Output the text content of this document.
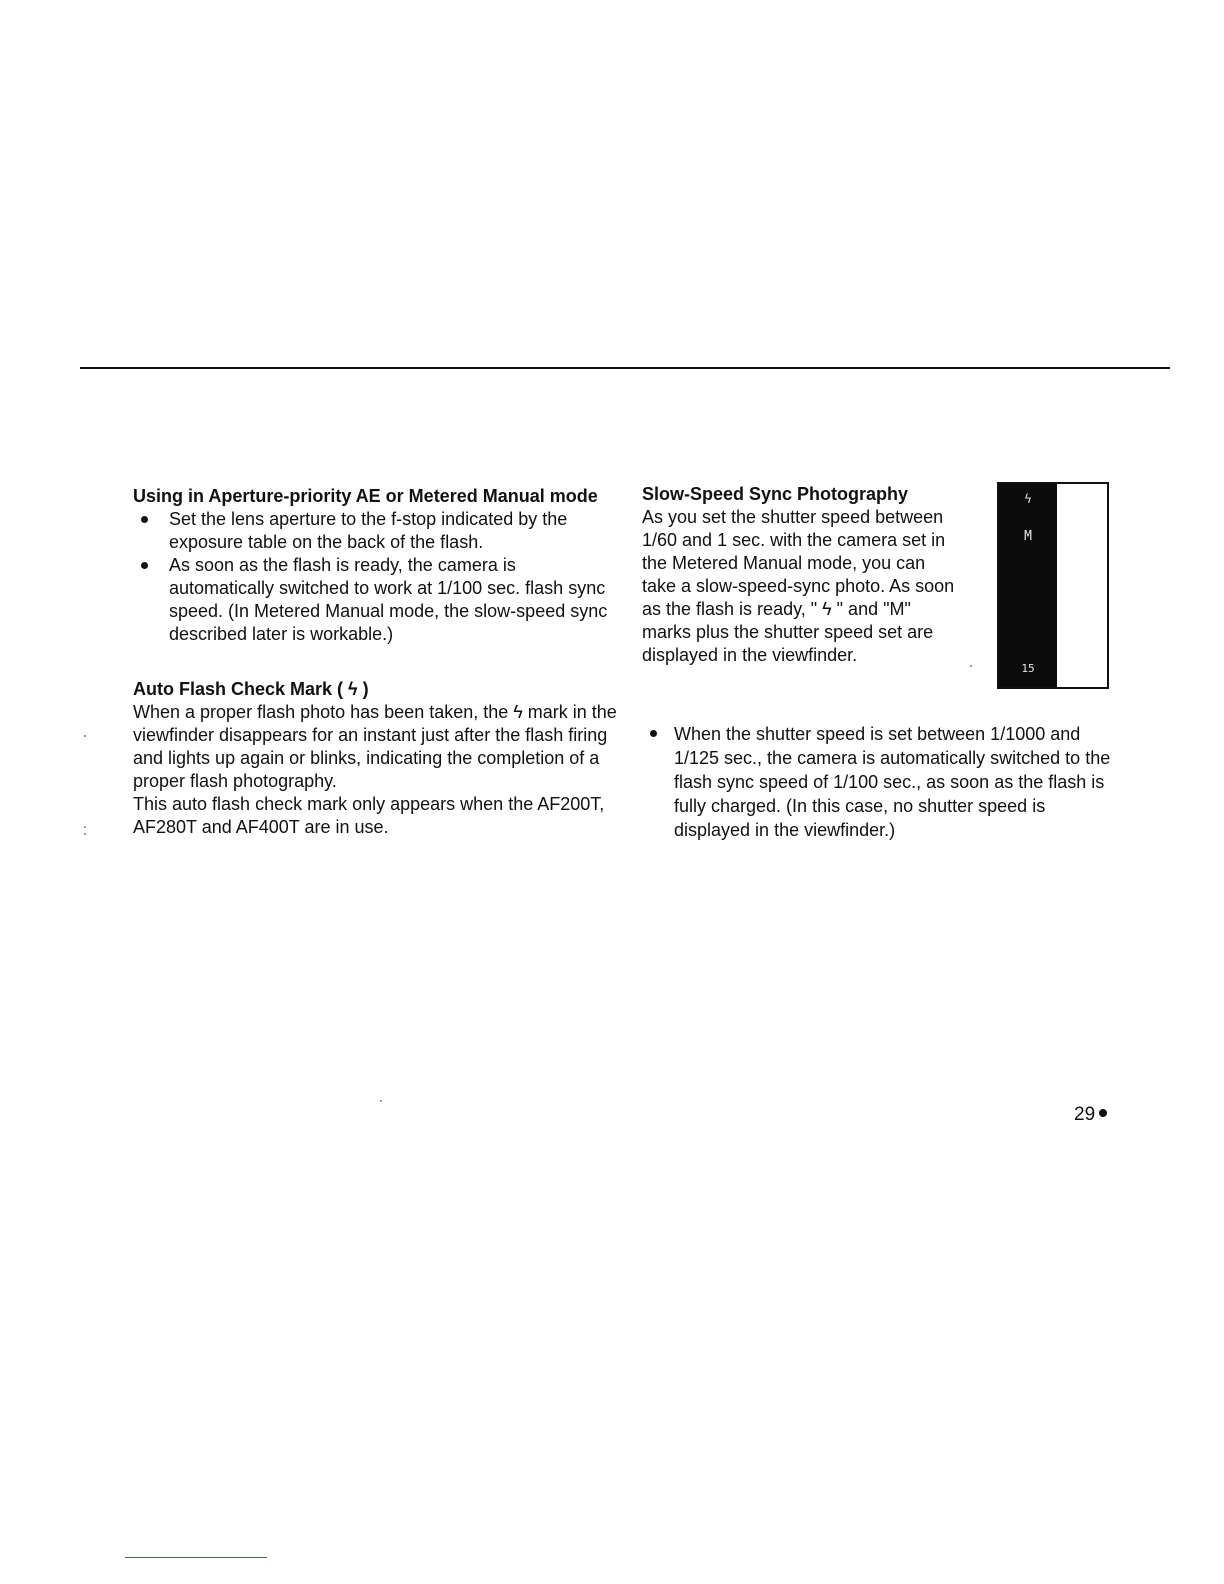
Using in Aperture-priority AE or Metered Manual mode

Set the lens aperture to the f-stop indicated by the exposure table on the back of the flash.
As soon as the flash is ready, the camera is automatically switched to work at 1/100 sec. flash sync speed. (In Metered Manual mode, the slow-speed sync described later is workable.)

Auto Flash Check Mark ( ϟ )

When a proper flash photo has been taken, the ϟ mark in the viewfinder disappears for an instant just after the flash firing and lights up again or blinks, indicating the completion of a proper flash photography.

This auto flash check mark only appears when the AF200T, AF280T and AF400T are in use.

Slow-Speed Sync Photography

As you set the shutter speed between 1/60 and 1 sec. with the camera set in the Metered Manual mode, you can take a slow-speed-sync photo. As soon as the flash is ready, " ϟ " and "M" marks plus the shutter speed set are displayed in the viewfinder.

ϟ
M
15
When the shutter speed is set between 1/1000 and 1/125 sec., the camera is automatically switched to the flash sync speed of 1/100 sec., as soon as the flash is fully charged. (In this case, no shutter speed is displayed in the viewfinder.)
29
